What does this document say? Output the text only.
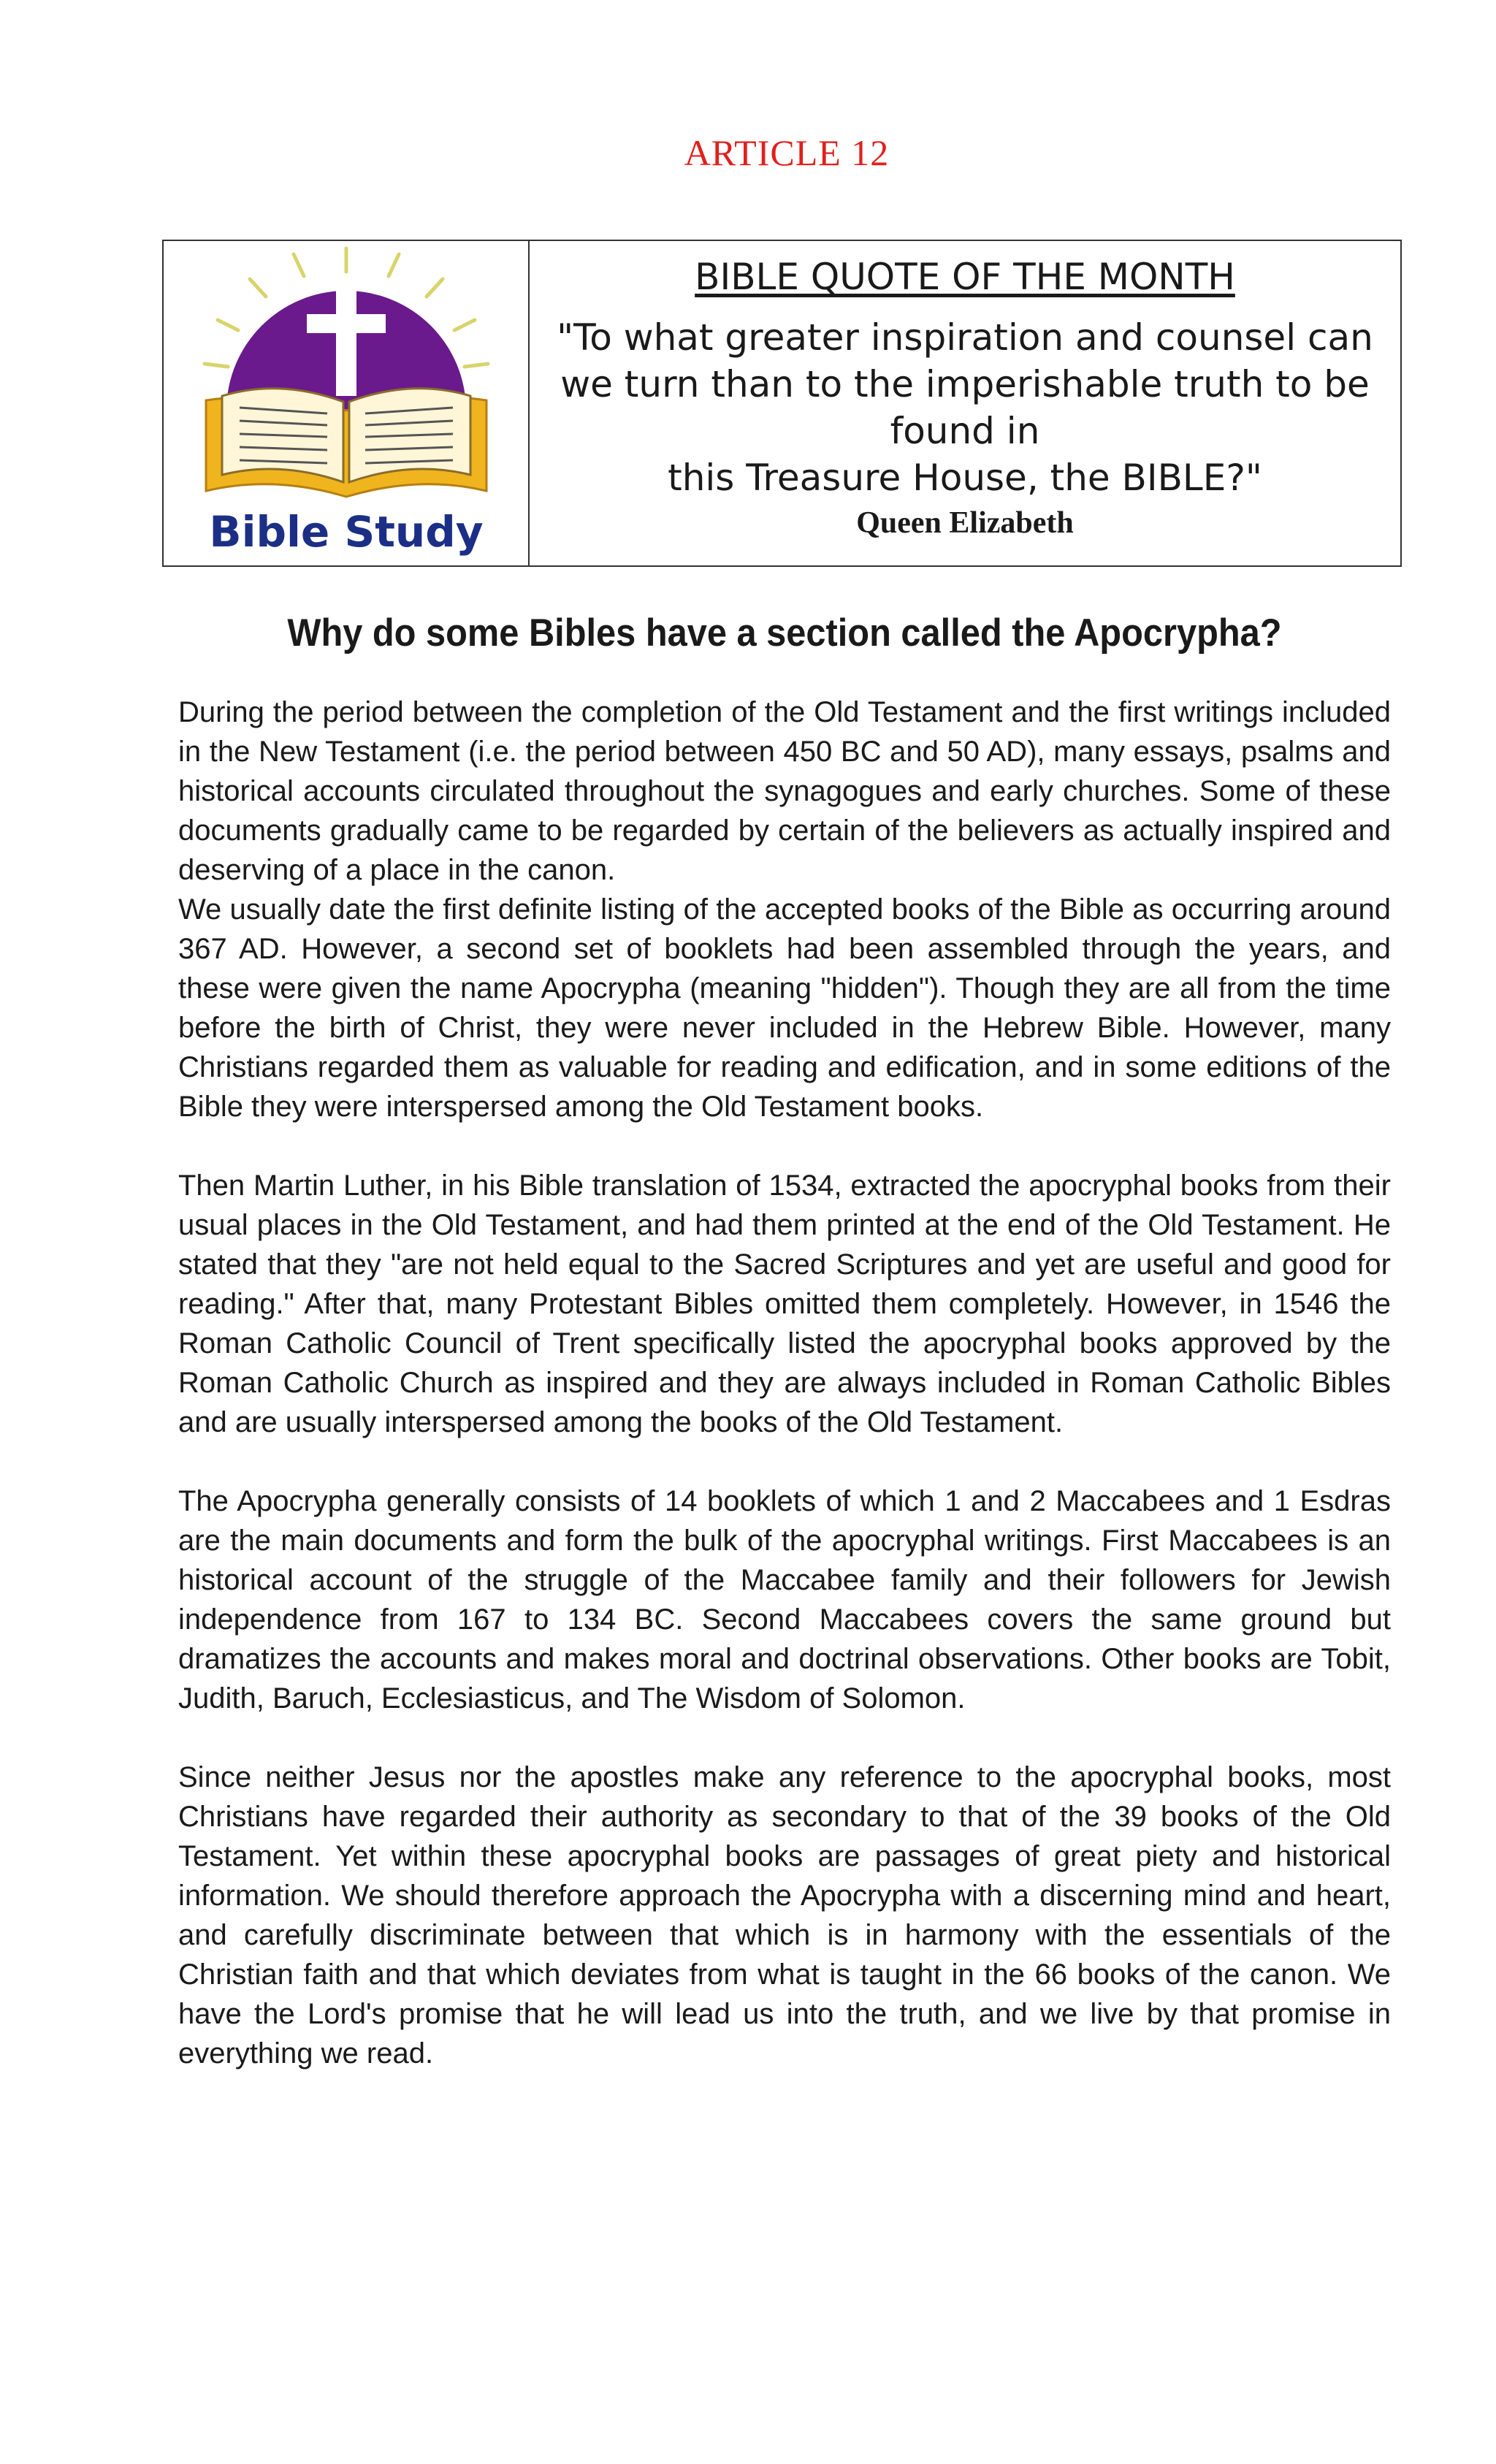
ARTICLE 12
Bible Study
BIBLE QUOTE OF THE MONTH
"To what greater inspiration and counsel can
we turn than to the imperishable truth to be
found in
this Treasure House, the BIBLE?"
Queen Elizabeth
Why do some Bibles have a section called the Apocrypha?

During the period between the completion of the Old Testament and the first writings included in the New Testament (i.e. the period between 450 BC and 50 AD), many essays, psalms and historical accounts circulated throughout the synagogues and early churches. Some of these documents gradually came to be regarded by certain of the believers as actually inspired and deserving of a place in the canon.

We usually date the first definite listing of the accepted books of the Bible as occurring around 367 AD. However, a second set of booklets had been assembled through the years, and these were given the name Apocrypha (meaning "hidden"). Though they are all from the time before the birth of Christ, they were never included in the Hebrew Bible. However, many Christians regarded them as valuable for reading and edification, and in some editions of the Bible they were interspersed among the Old Testament books.

Then Martin Luther, in his Bible translation of 1534, extracted the apocryphal books from their usual places in the Old Testament, and had them printed at the end of the Old Testament. He stated that they "are not held equal to the Sacred Scriptures and yet are useful and good for reading." After that, many Protestant Bibles omitted them completely. However, in 1546 the Roman Catholic Council of Trent specifically listed the apocryphal books approved by the Roman Catholic Church as inspired and they are always included in Roman Catholic Bibles and are usually interspersed among the books of the Old Testament.

The Apocrypha generally consists of 14 booklets of which 1 and 2 Maccabees and 1 Esdras are the main documents and form the bulk of the apocryphal writings. First Maccabees is an historical account of the struggle of the Maccabee family and their followers for Jewish independence from 167 to 134 BC. Second Maccabees covers the same ground but dramatizes the accounts and makes moral and doctrinal observations. Other books are Tobit, Judith, Baruch, Ecclesiasticus, and The Wisdom of Solomon.

Since neither Jesus nor the apostles make any reference to the apocryphal books, most Christians have regarded their authority as secondary to that of the 39 books of the Old Testament. Yet within these apocryphal books are passages of great piety and historical information. We should therefore approach the Apocrypha with a discerning mind and heart, and carefully discriminate between that which is in harmony with the essentials of the Christian faith and that which deviates from what is taught in the 66 books of the canon. We have the Lord's promise that he will lead us into the truth, and we live by that promise in everything we read.
